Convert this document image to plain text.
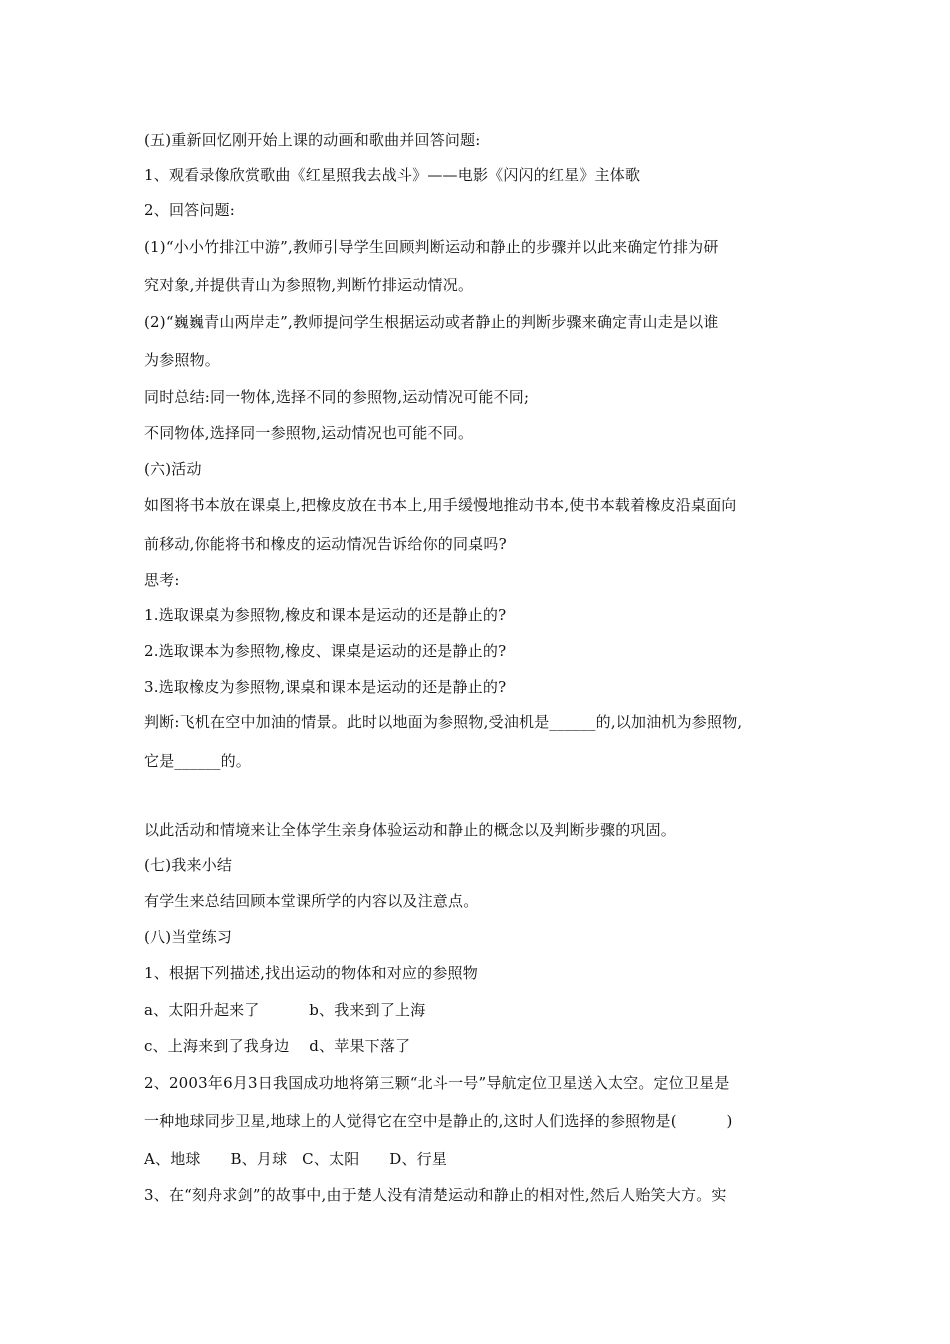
(五)重新回忆刚开始上课的动画和歌曲并回答问题:
1、观看录像欣赏歌曲《红星照我去战斗》——电影《闪闪的红星》主体歌
2、回答问题:
(1)“小小竹排江中游”,教师引导学生回顾判断运动和静止的步骤并以此来确定竹排为研
究对象,并提供青山为参照物,判断竹排运动情况。
(2)“巍巍青山两岸走”,教师提问学生根据运动或者静止的判断步骤来确定青山走是以谁
为参照物。
同时总结:同一物体,选择不同的参照物,运动情况可能不同;
不同物体,选择同一参照物,运动情况也可能不同。
(六)活动
如图将书本放在课桌上,把橡皮放在书本上,用手缓慢地推动书本,使书本载着橡皮沿桌面向
前移动,你能将书和橡皮的运动情况告诉给你的同桌吗?
思考:
1.选取课桌为参照物,橡皮和课本是运动的还是静止的?
2.选取课本为参照物,橡皮、课桌是运动的还是静止的?
3.选取橡皮为参照物,课桌和课本是运动的还是静止的?
判断:飞机在空中加油的情景。此时以地面为参照物,受油机是______的,以加油机为参照物,
它是______的。
以此活动和情境来让全体学生亲身体验运动和静止的概念以及判断步骤的巩固。
(七)我来小结
有学生来总结回顾本堂课所学的内容以及注意点。
(八)当堂练习
1、根据下列描述,找出运动的物体和对应的参照物
a、太阳升起来了          b、我来到了上海
c、上海来到了我身边    d、苹果下落了
2、2003年6月3日我国成功地将第三颗“北斗一号”导航定位卫星送入太空。定位卫星是
一种地球同步卫星,地球上的人觉得它在空中是静止的,这时人们选择的参照物是(          )
A、地球      B、月球   C、太阳      D、行星
3、在“刻舟求剑”的故事中,由于楚人没有清楚运动和静止的相对性,然后人贻笑大方。实
